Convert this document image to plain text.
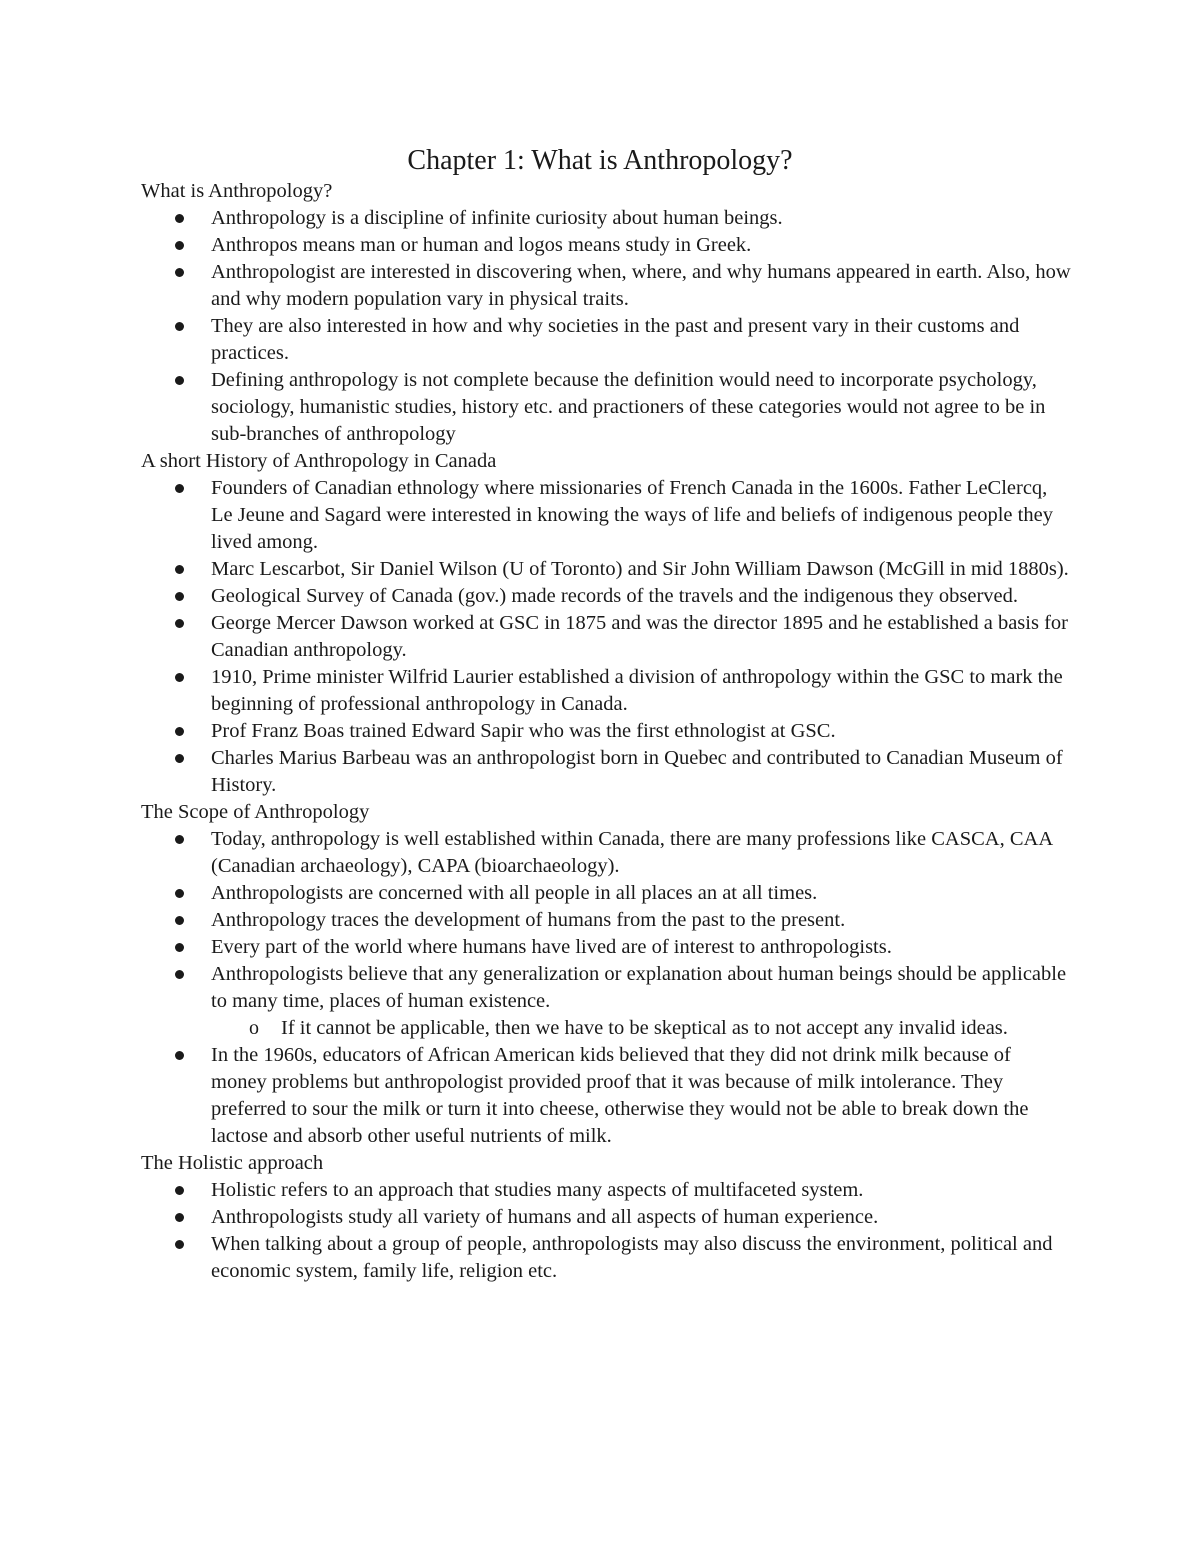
Chapter 1: What is Anthropology?

What is Anthropology?

Anthropology is a discipline of infinite curiosity about human beings.
Anthropos means man or human and logos means study in Greek.
Anthropologist are interested in discovering when, where, and why humans appeared in earth. Also, how and why modern population vary in physical traits.
They are also interested in how and why societies in the past and present vary in their customs and practices.
Defining anthropology is not complete because the definition would need to incorporate psychology, sociology, humanistic studies, history etc. and practioners of these categories would not agree to be in sub-branches of anthropology

A short History of Anthropology in Canada

Founders of Canadian ethnology where missionaries of French Canada in the 1600s. Father LeClercq, Le Jeune and Sagard were interested in knowing the ways of life and beliefs of indigenous people they lived among.
Marc Lescarbot, Sir Daniel Wilson (U of Toronto) and Sir John William Dawson (McGill in mid 1880s).
Geological Survey of Canada (gov.) made records of the travels and the indigenous they observed.
George Mercer Dawson worked at GSC in 1875 and was the director 1895 and he established a basis for Canadian anthropology.
1910, Prime minister Wilfrid Laurier established a division of anthropology within the GSC to mark the beginning of professional anthropology in Canada.
Prof Franz Boas trained Edward Sapir who was the first ethnologist at GSC.
Charles Marius Barbeau was an anthropologist born in Quebec and contributed to Canadian Museum of History.

The Scope of Anthropology

Today, anthropology is well established within Canada, there are many professions like CASCA, CAA (Canadian archaeology), CAPA (bioarchaeology).
Anthropologists are concerned with all people in all places an at all times.
Anthropology traces the development of humans from the past to the present.
Every part of the world where humans have lived are of interest to anthropologists.
Anthropologists believe that any generalization or explanation about human beings should be applicable to many time, places of human existence.
o If it cannot be applicable, then we have to be skeptical as to not accept any invalid ideas.
In the 1960s, educators of African American kids believed that they did not drink milk because of money problems but anthropologist provided proof that it was because of milk intolerance. They preferred to sour the milk or turn it into cheese, otherwise they would not be able to break down the lactose and absorb other useful nutrients of milk.

The Holistic approach

Holistic refers to an approach that studies many aspects of multifaceted system.
Anthropologists study all variety of humans and all aspects of human experience.
When talking about a group of people, anthropologists may also discuss the environment, political and economic system, family life, religion etc.
